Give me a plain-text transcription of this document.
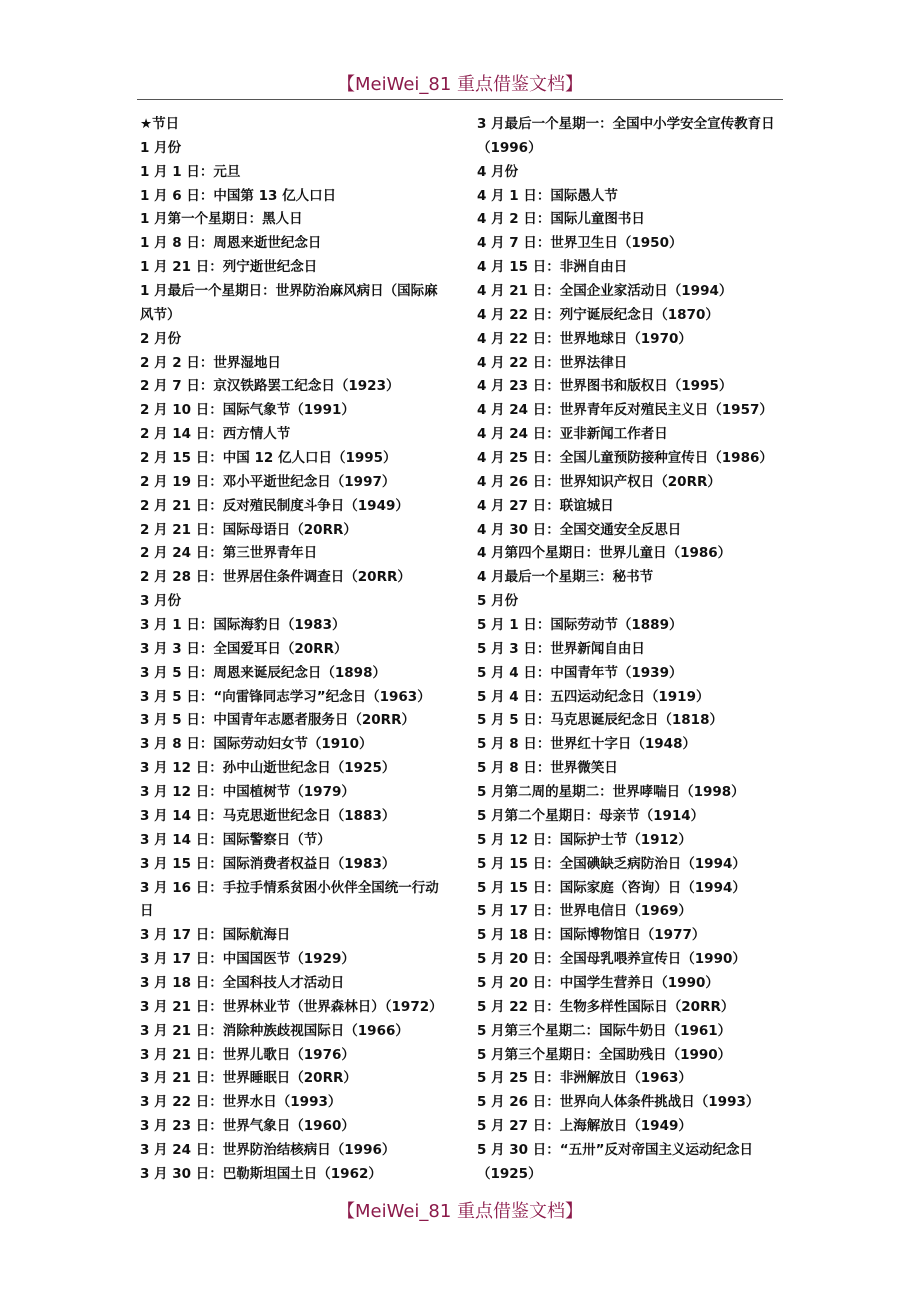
【MeiWei_81 重点借鉴文档】
★节日
1 月份
1 月 1 日：元旦
1 月 6 日：中国第 13 亿人口日
1 月第一个星期日：黑人日
1 月 8 日：周恩来逝世纪念日
1 月 21 日：列宁逝世纪念日
1 月最后一个星期日：世界防治麻风病日（国际麻
风节）
2 月份
2 月 2 日：世界湿地日
2 月 7 日：京汉铁路罢工纪念日（1923）
2 月 10 日：国际气象节（1991）
2 月 14 日：西方情人节
2 月 15 日：中国 12 亿人口日（1995）
2 月 19 日：邓小平逝世纪念日（1997）
2 月 21 日：反对殖民制度斗争日（1949）
2 月 21 日：国际母语日（20RR）
2 月 24 日：第三世界青年日
2 月 28 日：世界居住条件调查日（20RR）
3 月份
3 月 1 日：国际海豹日（1983）
3 月 3 日：全国爱耳日（20RR）
3 月 5 日：周恩来诞辰纪念日（1898）
3 月 5 日：“向雷锋同志学习”纪念日（1963）
3 月 5 日：中国青年志愿者服务日（20RR）
3 月 8 日：国际劳动妇女节（1910）
3 月 12 日：孙中山逝世纪念日（1925）
3 月 12 日：中国植树节（1979）
3 月 14 日：马克思逝世纪念日（1883）
3 月 14 日：国际警察日（节）
3 月 15 日：国际消费者权益日（1983）
3 月 16 日：手拉手情系贫困小伙伴全国统一行动
日
3 月 17 日：国际航海日
3 月 17 日：中国国医节（1929）
3 月 18 日：全国科技人才活动日
3 月 21 日：世界林业节（世界森林日）（1972）
3 月 21 日：消除种族歧视国际日（1966）
3 月 21 日：世界儿歌日（1976）
3 月 21 日：世界睡眠日（20RR）
3 月 22 日：世界水日（1993）
3 月 23 日：世界气象日（1960）
3 月 24 日：世界防治结核病日（1996）
3 月 30 日：巴勒斯坦国土日（1962）
3 月最后一个星期一：全国中小学安全宣传教育日
（1996）
4 月份
4 月 1 日：国际愚人节
4 月 2 日：国际儿童图书日
4 月 7 日：世界卫生日（1950）
4 月 15 日：非洲自由日
4 月 21 日：全国企业家活动日（1994）
4 月 22 日：列宁诞辰纪念日（1870）
4 月 22 日：世界地球日（1970）
4 月 22 日：世界法律日
4 月 23 日：世界图书和版权日（1995）
4 月 24 日：世界青年反对殖民主义日（1957）
4 月 24 日：亚非新闻工作者日
4 月 25 日：全国儿童预防接种宣传日（1986）
4 月 26 日：世界知识产权日（20RR）
4 月 27 日：联谊城日
4 月 30 日：全国交通安全反思日
4 月第四个星期日：世界儿童日（1986）
4 月最后一个星期三：秘书节
5 月份
5 月 1 日：国际劳动节（1889）
5 月 3 日：世界新闻自由日
5 月 4 日：中国青年节（1939）
5 月 4 日：五四运动纪念日（1919）
5 月 5 日：马克思诞辰纪念日（1818）
5 月 8 日：世界红十字日（1948）
5 月 8 日：世界微笑日
5 月第二周的星期二：世界哮喘日（1998）
5 月第二个星期日：母亲节（1914）
5 月 12 日：国际护士节（1912）
5 月 15 日：全国碘缺乏病防治日（1994）
5 月 15 日：国际家庭（咨询）日（1994）
5 月 17 日：世界电信日（1969）
5 月 18 日：国际博物馆日（1977）
5 月 20 日：全国母乳喂养宣传日（1990）
5 月 20 日：中国学生营养日（1990）
5 月 22 日：生物多样性国际日（20RR）
5 月第三个星期二：国际牛奶日（1961）
5 月第三个星期日：全国助残日（1990）
5 月 25 日：非洲解放日（1963）
5 月 26 日：世界向人体条件挑战日（1993）
5 月 27 日：上海解放日（1949）
5 月 30 日：“五卅”反对帝国主义运动纪念日
（1925）
【MeiWei_81 重点借鉴文档】
